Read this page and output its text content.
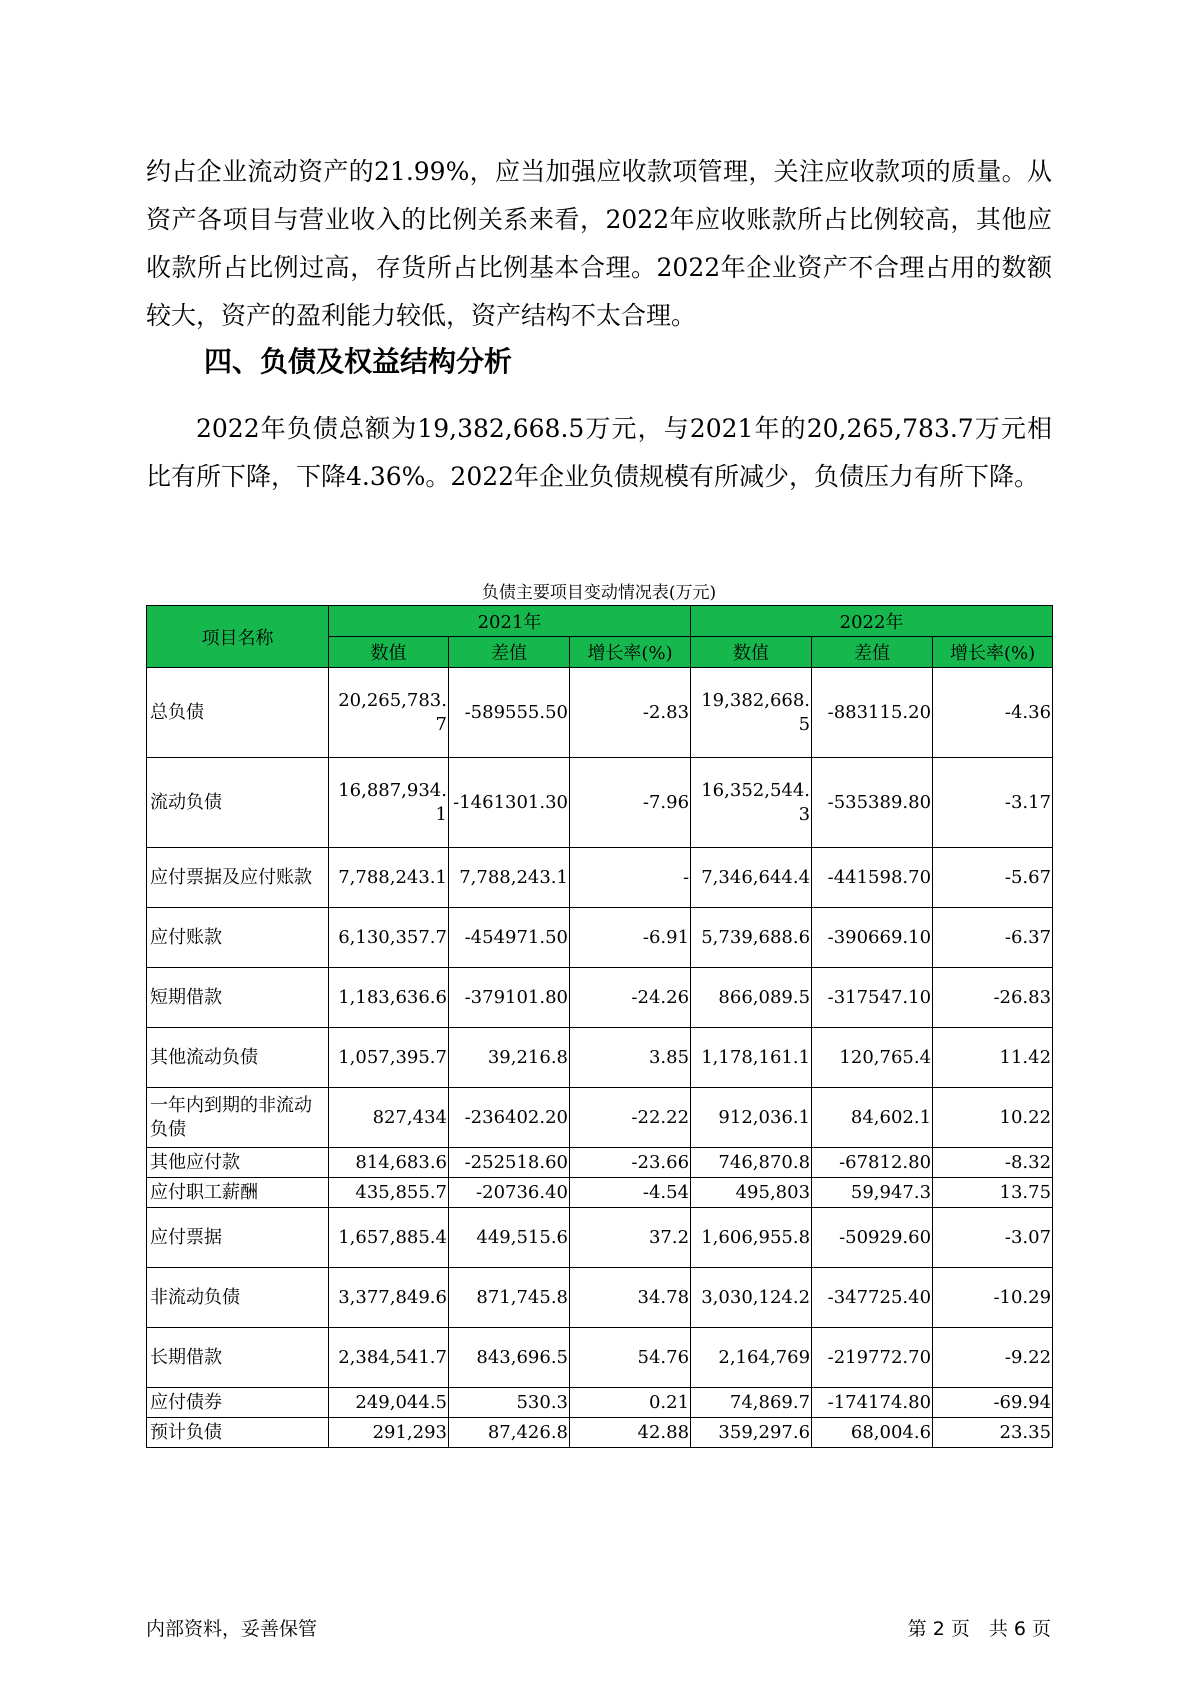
约占企业流动资产的21.99%，应当加强应收款项管理，关注应收款项的质量。从资产各项目与营业收入的比例关系来看，2022年应收账款所占比例较高，其他应收款所占比例过高，存货所占比例基本合理。2022年企业资产不合理占用的数额较大，资产的盈利能力较低，资产结构不太合理。

四、负债及权益结构分析

2022年负债总额为19,382,668.5万元，与2021年的20,265,783.7万元相比有所下降，下降4.36%。2022年企业负债规模有所减少，负债压力有所下降。

负债主要项目变动情况表(万元)
项目名称	2021年			2022年		
	数值	差值	增长率(%)	数值	差值	增长率(%)
总负债	20,265,783.7	-589555.50	-2.83	19,382,668.5	-883115.20	-4.36
流动负债	16,887,934.1	-1461301.30	-7.96	16,352,544.3	-535389.80	-3.17
应付票据及应付账款	7,788,243.1	7,788,243.1	-	7,346,644.4	-441598.70	-5.67
应付账款	6,130,357.7	-454971.50	-6.91	5,739,688.6	-390669.10	-6.37
短期借款	1,183,636.6	-379101.80	-24.26	866,089.5	-317547.10	-26.83
其他流动负债	1,057,395.7	39,216.8	3.85	1,178,161.1	120,765.4	11.42
一年内到期的非流动负债	827,434	-236402.20	-22.22	912,036.1	84,602.1	10.22
其他应付款	814,683.6	-252518.60	-23.66	746,870.8	-67812.80	-8.32
应付职工薪酬	435,855.7	-20736.40	-4.54	495,803	59,947.3	13.75
应付票据	1,657,885.4	449,515.6	37.2	1,606,955.8	-50929.60	-3.07
非流动负债	3,377,849.6	871,745.8	34.78	3,030,124.2	-347725.40	-10.29
长期借款	2,384,541.7	843,696.5	54.76	2,164,769	-219772.70	-9.22
应付债券	249,044.5	530.3	0.21	74,869.7	-174174.80	-69.94
预计负债	291,293	87,426.8	42.88	359,297.6	68,004.6	23.35
内部资料，妥善保管	第 2 页　共 6 页
